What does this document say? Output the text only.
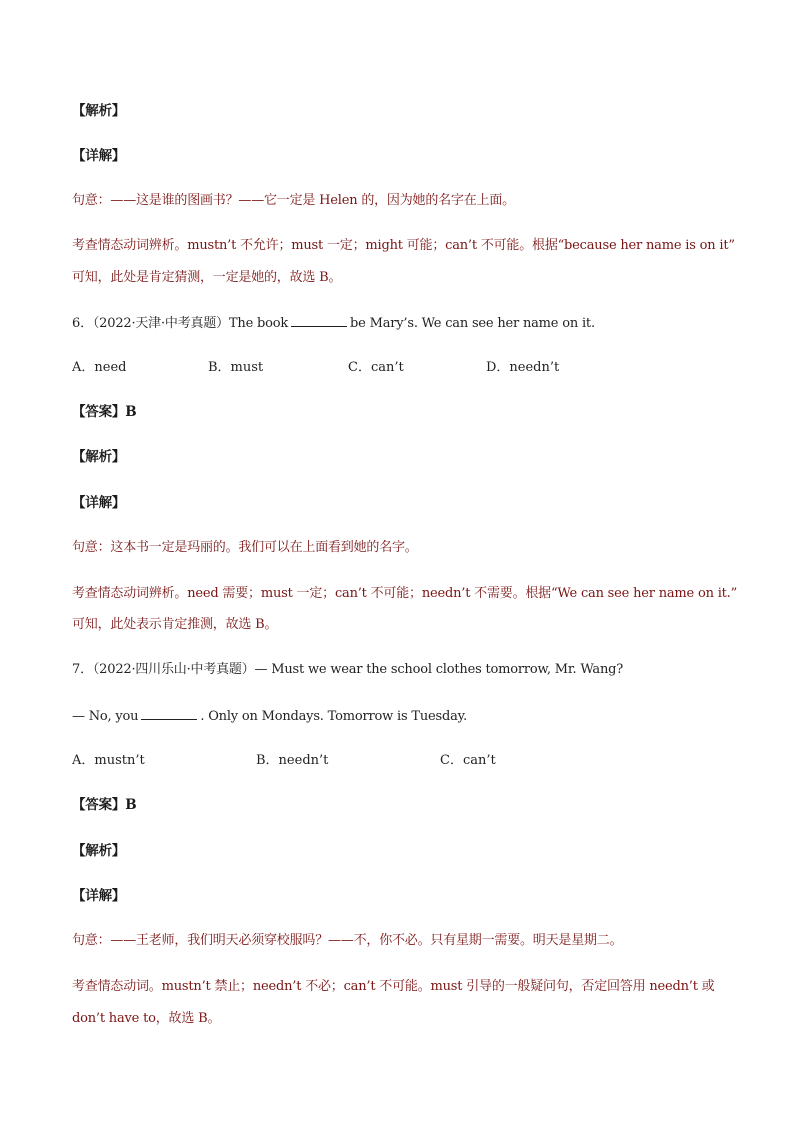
【解析】
【详解】
句意：——这是谁的图画书？——它一定是 Helen 的，因为她的名字在上面。
考查情态动词辨析。mustn’t 不允许；must 一定；might 可能；can’t 不可能。根据“because her name is on it”
可知，此处是肯定猜测，一定是她的，故选 B。
6．（2022·天津·中考真题）The book	be Mary’s. We can see her name on it.
A．need	B．must	C．can’t	D．needn’t
【答案】B
【解析】
【详解】
句意：这本书一定是玛丽的。我们可以在上面看到她的名字。
考查情态动词辨析。need 需要；must 一定；can’t 不可能；needn’t 不需要。根据“We can see her name on it.”
可知，此处表示肯定推测，故选 B。
7．（2022·四川乐山·中考真题）— Must we wear the school clothes tomorrow, Mr. Wang?
— No, you	. Only on Mondays. Tomorrow is Tuesday.
A．mustn’t	B．needn’t	C．can’t
【答案】B
【解析】
【详解】
句意：——王老师，我们明天必须穿校服吗？——不，你不必。只有星期一需要。明天是星期二。
考查情态动词。mustn’t 禁止；needn’t 不必；can’t 不可能。must 引导的一般疑问句，否定回答用 needn’t 或
don’t have to，故选 B。
